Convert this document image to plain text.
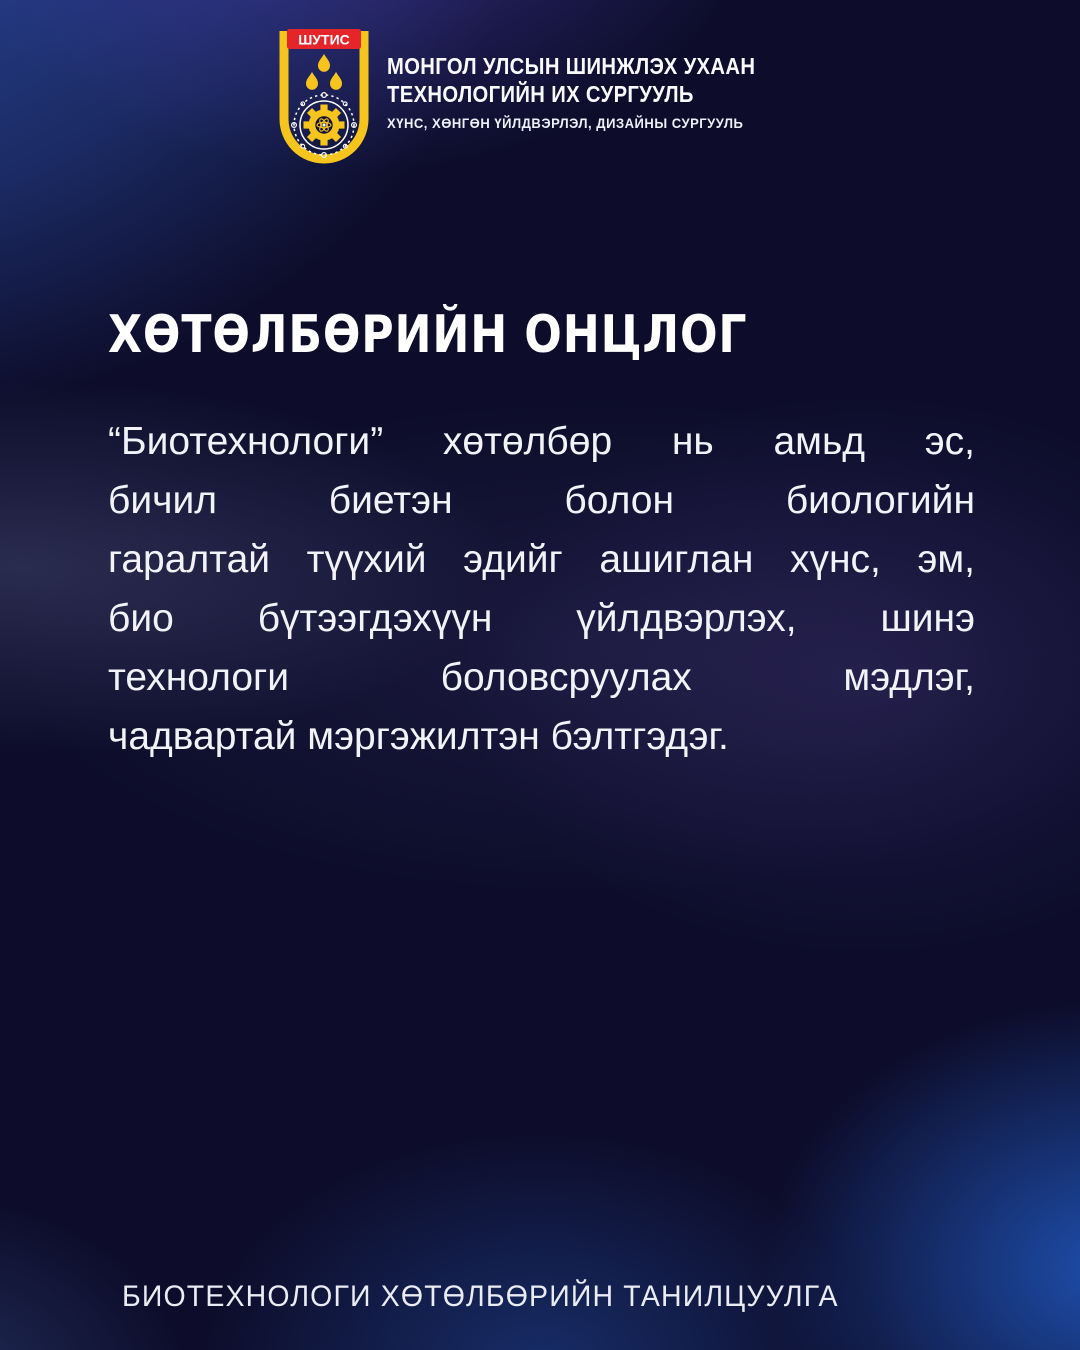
ШУТИС
МОНГОЛ УЛСЫН ШИНЖЛЭХ УХААН
ТЕХНОЛОГИЙН ИХ СУРГУУЛЬ
ХҮНС, ХӨНГӨН ҮЙЛДВЭРЛЭЛ, ДИЗАЙНЫ СУРГУУЛЬ
ХӨТӨЛБӨРИЙН ОНЦЛОГ
“Биотехнологи” хөтөлбөр нь амьд эс,
бичил биетэн болон биологийн
гаралтай түүхий эдийг ашиглан хүнс, эм,
био бүтээгдэхүүн үйлдвэрлэх, шинэ
технологи боловсруулах мэдлэг,
чадвартай мэргэжилтэн бэлтгэдэг.
БИОТЕХНОЛОГИ ХӨТӨЛБӨРИЙН ТАНИЛЦУУЛГА
